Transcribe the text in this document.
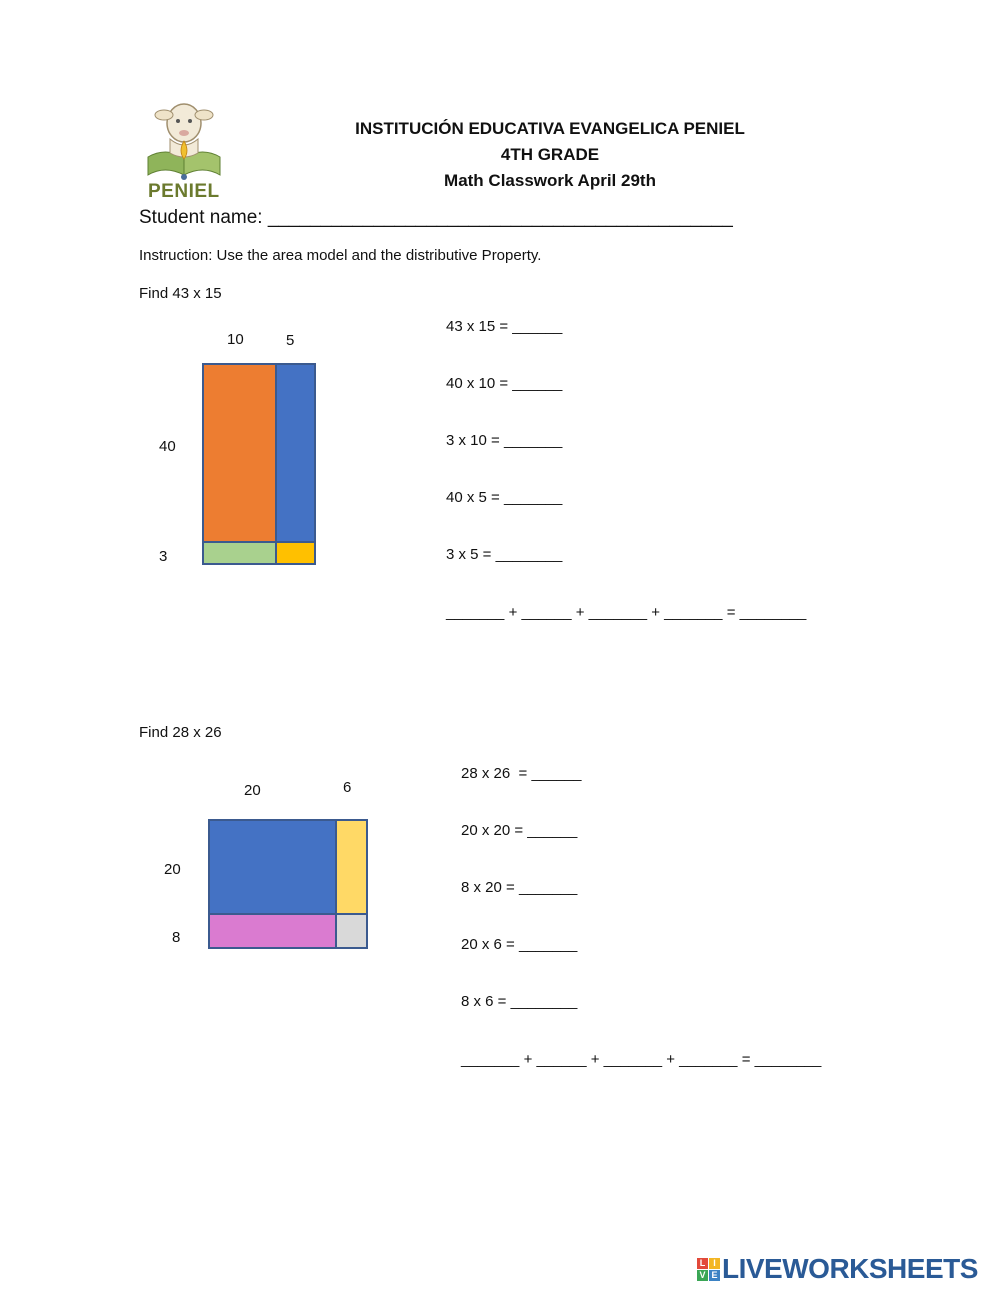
PENIEL
INSTITUCIÓN EDUCATIVA EVANGELICA PENIEL
4TH GRADE
Math Classwork April 29th
Student name: ____________________________________________
Instruction: Use the area model and the distributive Property.
Find 43 x 15
10	5
40
3
43 x 15 = ______
40 x 10 = ______
3 x 10 = _______
40 x 5 = _______
3 x 5 = ________
_______ + ______ + _______ + _______ = ________
Find 28 x 26
20	6
20
8
28 x 26  = ______
20 x 20 = ______
8 x 20 = _______
20 x 6 = _______
8 x 6 = ________
_______ + ______ + _______ + _______ = ________
L I
V E LIVEWORKSHEETS
